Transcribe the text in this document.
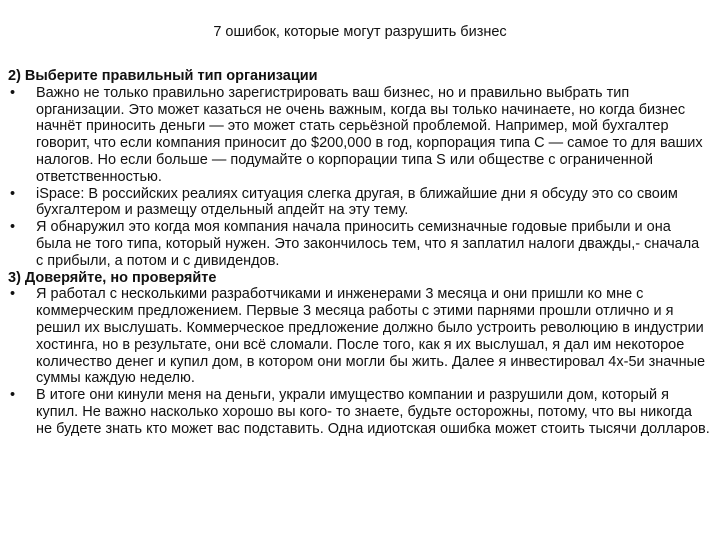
7 ошибок, которые могут разрушить бизнес

2) Выберите правильный тип организации

• Важно не только правильно зарегистрировать ваш бизнес, но и правильно выбрать тип организации. Это может казаться не очень важным, когда вы только начинаете, но когда бизнес начнёт приносить деньги — это может стать серьёзной проблемой. Например, мой бухгалтер говорит, что если компания приносит до $200,000 в год, корпорация типа С — самое то для ваших налогов. Но если больше — подумайте о корпорации типа S или обществе с ограниченной ответственностью.
• iSpace: В российских реалиях ситуация слегка другая, в ближайшие дни я обсуду это со своим бухгалтером и размещу отдельный апдейт на эту тему.
• Я обнаружил это когда моя компания начала приносить семизначные годовые прибыли и она была не того типа, который нужен. Это закончилось тем, что я заплатил налоги дважды,- сначала с прибыли, а потом и с дивидендов.

3) Доверяйте, но проверяйте

• Я работал с несколькими разработчиками и инженерами 3 месяца и они пришли ко мне с коммерческим предложением. Первые 3 месяца работы с этими парнями прошли отлично и я решил их выслушать. Коммерческое предложение должно было устроить революцию в индустрии хостинга, но в результате, они всё сломали. После того, как я их выслушал, я дал им некоторое количество денег и купил дом, в котором они могли бы жить. Далее я инвестировал 4х-5и значные суммы каждую неделю.
• В итоге они кинули меня на деньги, украли имущество компании и разрушили дом, который я купил. Не важно насколько хорошо вы кого- то знаете, будьте осторожны, потому, что вы никогда не будете знать кто может вас подставить. Одна идиотская ошибка может стоить тысячи долларов.
